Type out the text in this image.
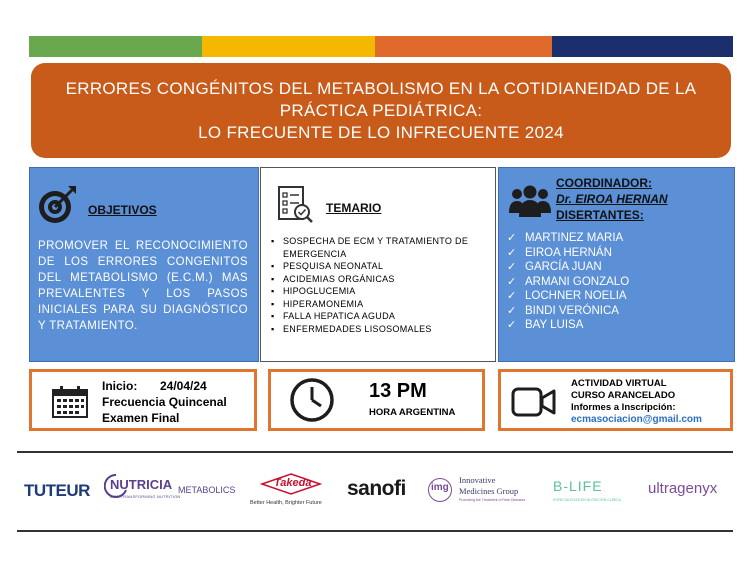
ERRORES CONGÉNITOS DEL METABOLISMO EN LA COTIDIANEIDAD DE LA
PRÁCTICA PEDIÁTRICA:
LO FRECUENTE DE LO INFRECUENTE 2024
OBJETIVOS
PROMOVER EL RECONOCIMIENTO DE LOS ERRORES CONGENITOS DEL METABOLISMO (E.C.M.) MAS PREVALENTES Y LOS PASOS INICIALES PARA SU DIAGNÓSTICO Y TRATAMIENTO.
TEMARIO
▪ SOSPECHA DE ECM Y TRATAMIENTO DE EMERGENCIA
▪ PESQUISA NEONATAL
▪ ACIDEMIAS ORGÁNICAS
▪ HIPOGLUCEMIA
▪ HIPERAMONEMIA
▪ FALLA HEPATICA AGUDA
▪ ENFERMEDADES LISOSOMALES
COORDINADOR:
Dr. EIROA HERNAN
DISERTANTES:
✓ MARTINEZ MARIA
✓ EIROA HERNÁN
✓ GARCÍA JUAN
✓ ARMANI GONZALO
✓ LOCHNER NOELIA
✓ BINDI VERÓNICA
✓ BAY LUISA
Inicio: 24/04/24
Frecuencia Quincenal
Examen Final
13 PM
HORA ARGENTINA
ACTIVIDAD VIRTUAL
CURSO ARANCELADO
Informes a Inscripción:
ecmasociacion@gmail.com
TUTEUR NUTRICIA
LIFE-TRANSFORMING NUTRITION
METABOLICS
Takeda
Better Health, Brighter Future
sanofi	img
Innovative
Medicines Group
Promoting the Treatment of Rare Diseases
B-LIFE
ESPECIALISTAS EN NUTRICIÓN CLÍNICA
ultragenyx
